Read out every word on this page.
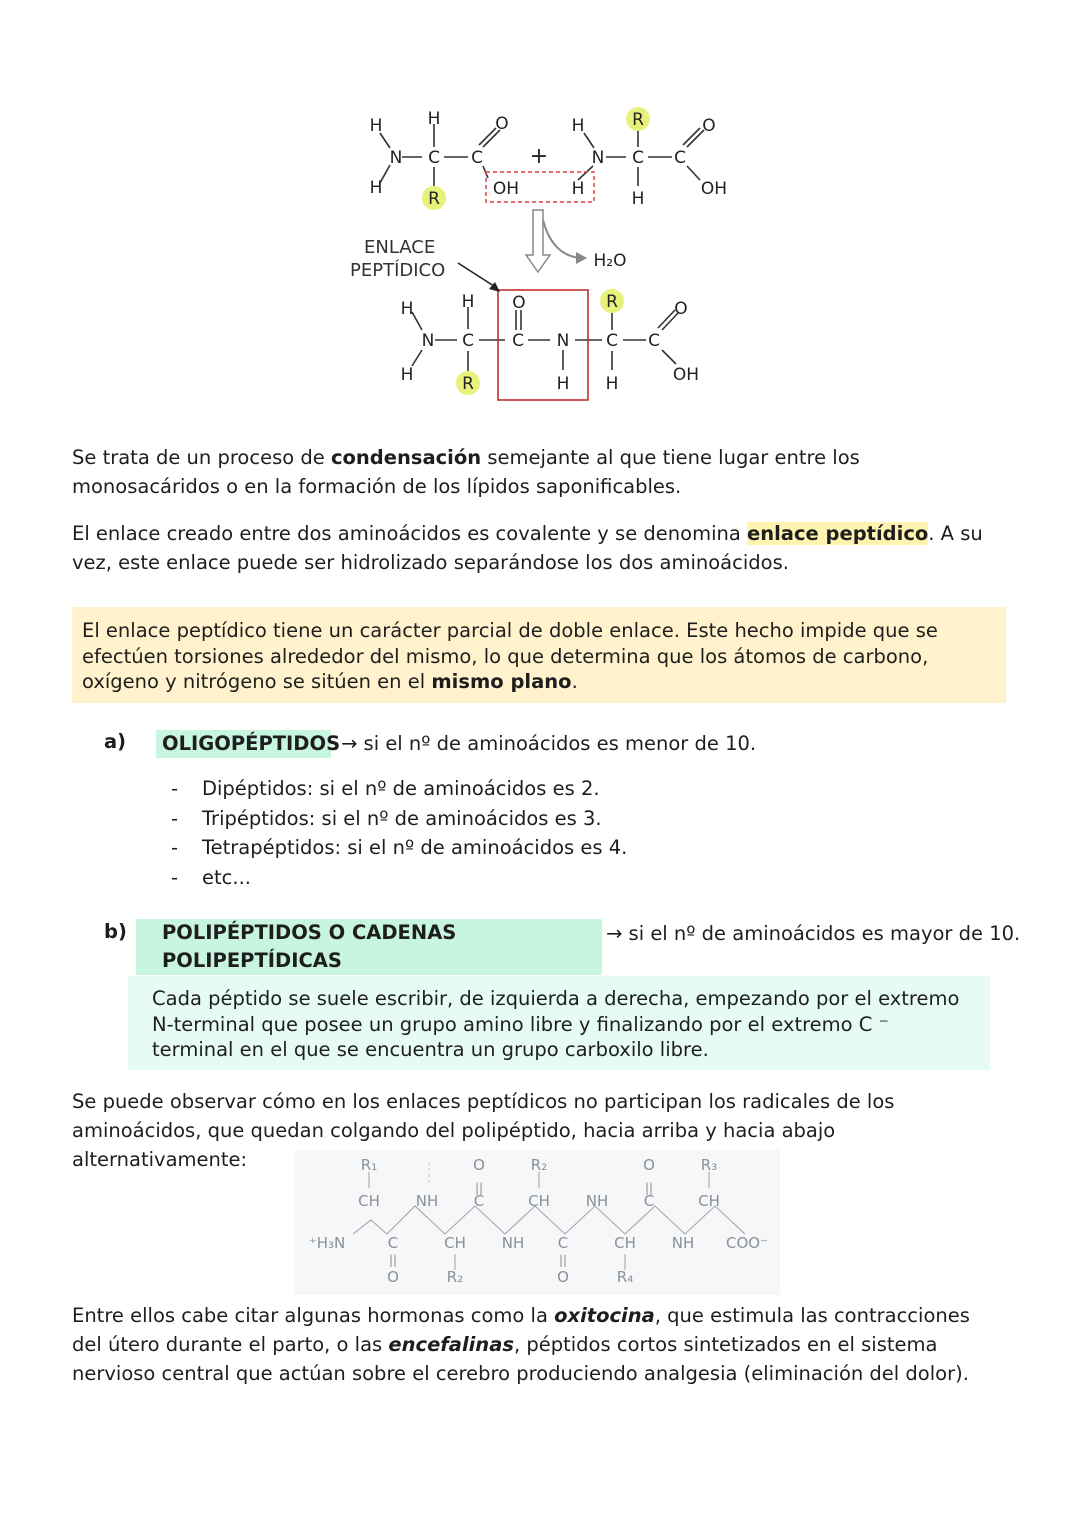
H	H	O
N C C +
H
R	OH
H	R	O
N C C
H	H	OH
H₂O
H	H O	R	O
N C C N C C
H	R	H H	OH
ENLACE
PEPTÍDICO

Se trata de un proceso de condensación semejante al que tiene lugar entre los monosacáridos o en la formación de los lípidos saponificables.

El enlace creado entre dos aminoácidos es covalente y se denomina enlace peptídico. A su vez, este enlace puede ser hidrolizado separándose los dos aminoácidos.

El enlace peptídico tiene un carácter parcial de doble enlace. Este hecho impide que se efectúen torsiones alrededor del mismo, lo que determina que los átomos de carbono, oxígeno y nitrógeno se sitúen en el mismo plano.

a)	OLIGOPÉPTIDOS → si el nº de aminoácidos es menor de 10.
- Dipéptidos: si el nº de aminoácidos es 2.
- Tripéptidos: si el nº de aminoácidos es 3.
- Tetrapéptidos: si el nº de aminoácidos es 4.
- etc...
b)	POLIPÉPTIDOS O CADENAS POLIPEPTÍDICAS
→ si el nº de aminoácidos es mayor de 10.

Cada péptido se suele escribir, de izquierda a derecha, empezando por el extremo N-terminal que posee un grupo amino libre y finalizando por el extremo C ⁻ terminal en el que se encuentra un grupo carboxilo libre.

Se puede observar cómo en los enlaces peptídicos no participan los radicales de los aminoácidos, que quedan colgando del polipéptido, hacia arriba y hacia abajo alternativamente:	R₁	R₂	R₃
O	O
||	||
CH NH C	CH NH C	CH
⁺H₃N	C	CH NH C	CH NH COO⁻
||	||
O	O
R₂	R₄

Entre ellos cabe citar algunas hormonas como la oxitocina, que estimula las contracciones del útero durante el parto, o las encefalinas, péptidos cortos sintetizados en el sistema nervioso central que actúan sobre el cerebro produciendo analgesia (eliminación del dolor).
